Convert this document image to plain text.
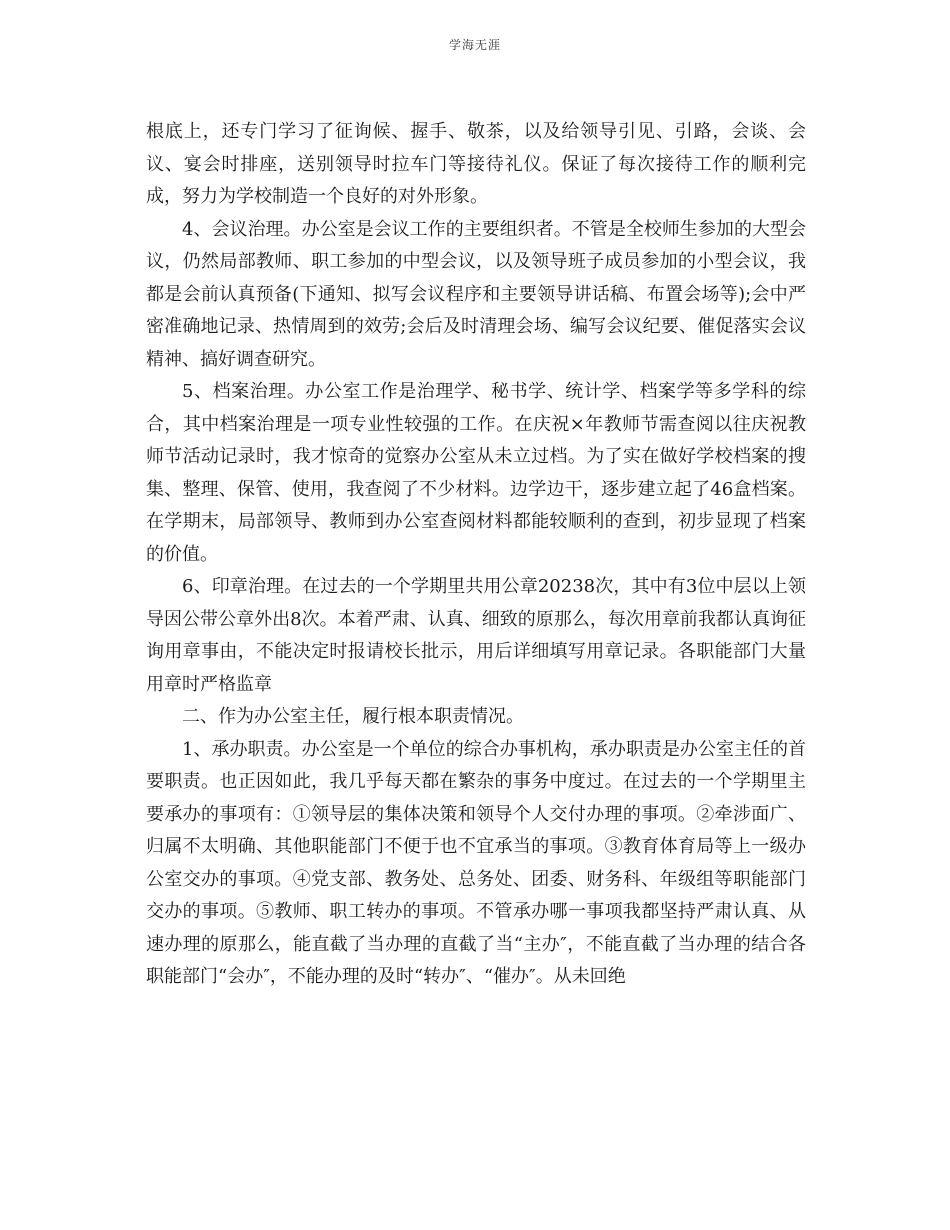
学海无涯

根底上，还专门学习了征询候、握手、敬茶，以及给领导引见、引路，会谈、会议、宴会时排座，送别领导时拉车门等接待礼仪。保证了每次接待工作的顺利完成，努力为学校制造一个良好的对外形象。

4、会议治理。办公室是会议工作的主要组织者。不管是全校师生参加的大型会议，仍然局部教师、职工参加的中型会议，以及领导班子成员参加的小型会议，我都是会前认真预备(下通知、拟写会议程序和主要领导讲话稿、布置会场等);会中严密准确地记录、热情周到的效劳;会后及时清理会场、编写会议纪要、催促落实会议精神、搞好调查研究。

5、档案治理。办公室工作是治理学、秘书学、统计学、档案学等多学科的综合，其中档案治理是一项专业性较强的工作。在庆祝×年教师节需查阅以往庆祝教师节活动记录时，我才惊奇的觉察办公室从未立过档。为了实在做好学校档案的搜集、整理、保管、使用，我查阅了不少材料。边学边干，逐步建立起了46盒档案。在学期末，局部领导、教师到办公室查阅材料都能较顺利的查到，初步显现了档案的价值。

6、印章治理。在过去的一个学期里共用公章20238次，其中有3位中层以上领导因公带公章外出8次。本着严肃、认真、细致的原那么，每次用章前我都认真询征询用章事由，不能决定时报请校长批示，用后详细填写用章记录。各职能部门大量用章时严格监章

二、作为办公室主任，履行根本职责情况。

1、承办职责。办公室是一个单位的综合办事机构，承办职责是办公室主任的首要职责。也正因如此，我几乎每天都在繁杂的事务中度过。在过去的一个学期里主要承办的事项有：①领导层的集体决策和领导个人交付办理的事项。②牵涉面广、归属不太明确、其他职能部门不便于也不宜承当的事项。③教育体育局等上一级办公室交办的事项。④党支部、教务处、总务处、团委、财务科、年级组等职能部门交办的事项。⑤教师、职工转办的事项。不管承办哪一事项我都坚持严肃认真、从速办理的原那么，能直截了当办理的直截了当“主办″，不能直截了当办理的结合各职能部门“会办″，不能办理的及时“转办″、“催办″。从未回绝
